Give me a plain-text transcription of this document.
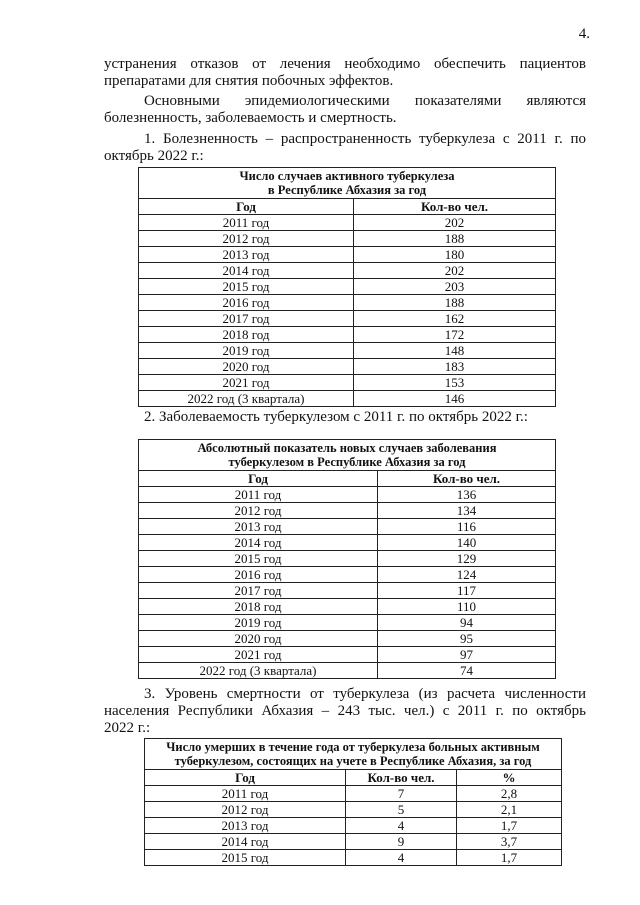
4.
устранения отказов от лечения необходимо обеспечить пациентов
препаратами для снятия побочных эффектов.
Основными эпидемиологическими показателями являются
болезненность, заболеваемость и смертность.
1. Болезненность – распространенность туберкулеза с 2011 г. по
октябрь 2022 г.:
Число случаев активного туберкулеза
в Республике Абхазия за год	
Год	Кол-во чел.
2011 год	202
2012 год	188
2013 год	180
2014 год	202
2015 год	203
2016 год	188
2017 год	162
2018 год	172
2019 год	148
2020 год	183
2021 год	153
2022 год (3 квартала)	146
2. Заболеваемость туберкулезом с 2011 г. по октябрь 2022 г.:
Абсолютный показатель новых случаев заболевания
туберкулезом в Республике Абхазия за год	
Год	Кол-во чел.
2011 год	136
2012 год	134
2013 год	116
2014 год	140
2015 год	129
2016 год	124
2017 год	117
2018 год	110
2019 год	94
2020 год	95
2021 год	97
2022 год (3 квартала)	74
3. Уровень смертности от туберкулеза (из расчета численности
населения Республики Абхазия – 243 тыс. чел.) с 2011 г. по октябрь
2022 г.:
Число умерших в течение года от туберкулеза больных активным
туберкулезом, состоящих на учете в Республике Абхазия, за год		
Год	Кол-во чел.	%
2011 год	7	2,8
2012 год	5	2,1
2013 год	4	1,7
2014 год	9	3,7
2015 год	4	1,7
